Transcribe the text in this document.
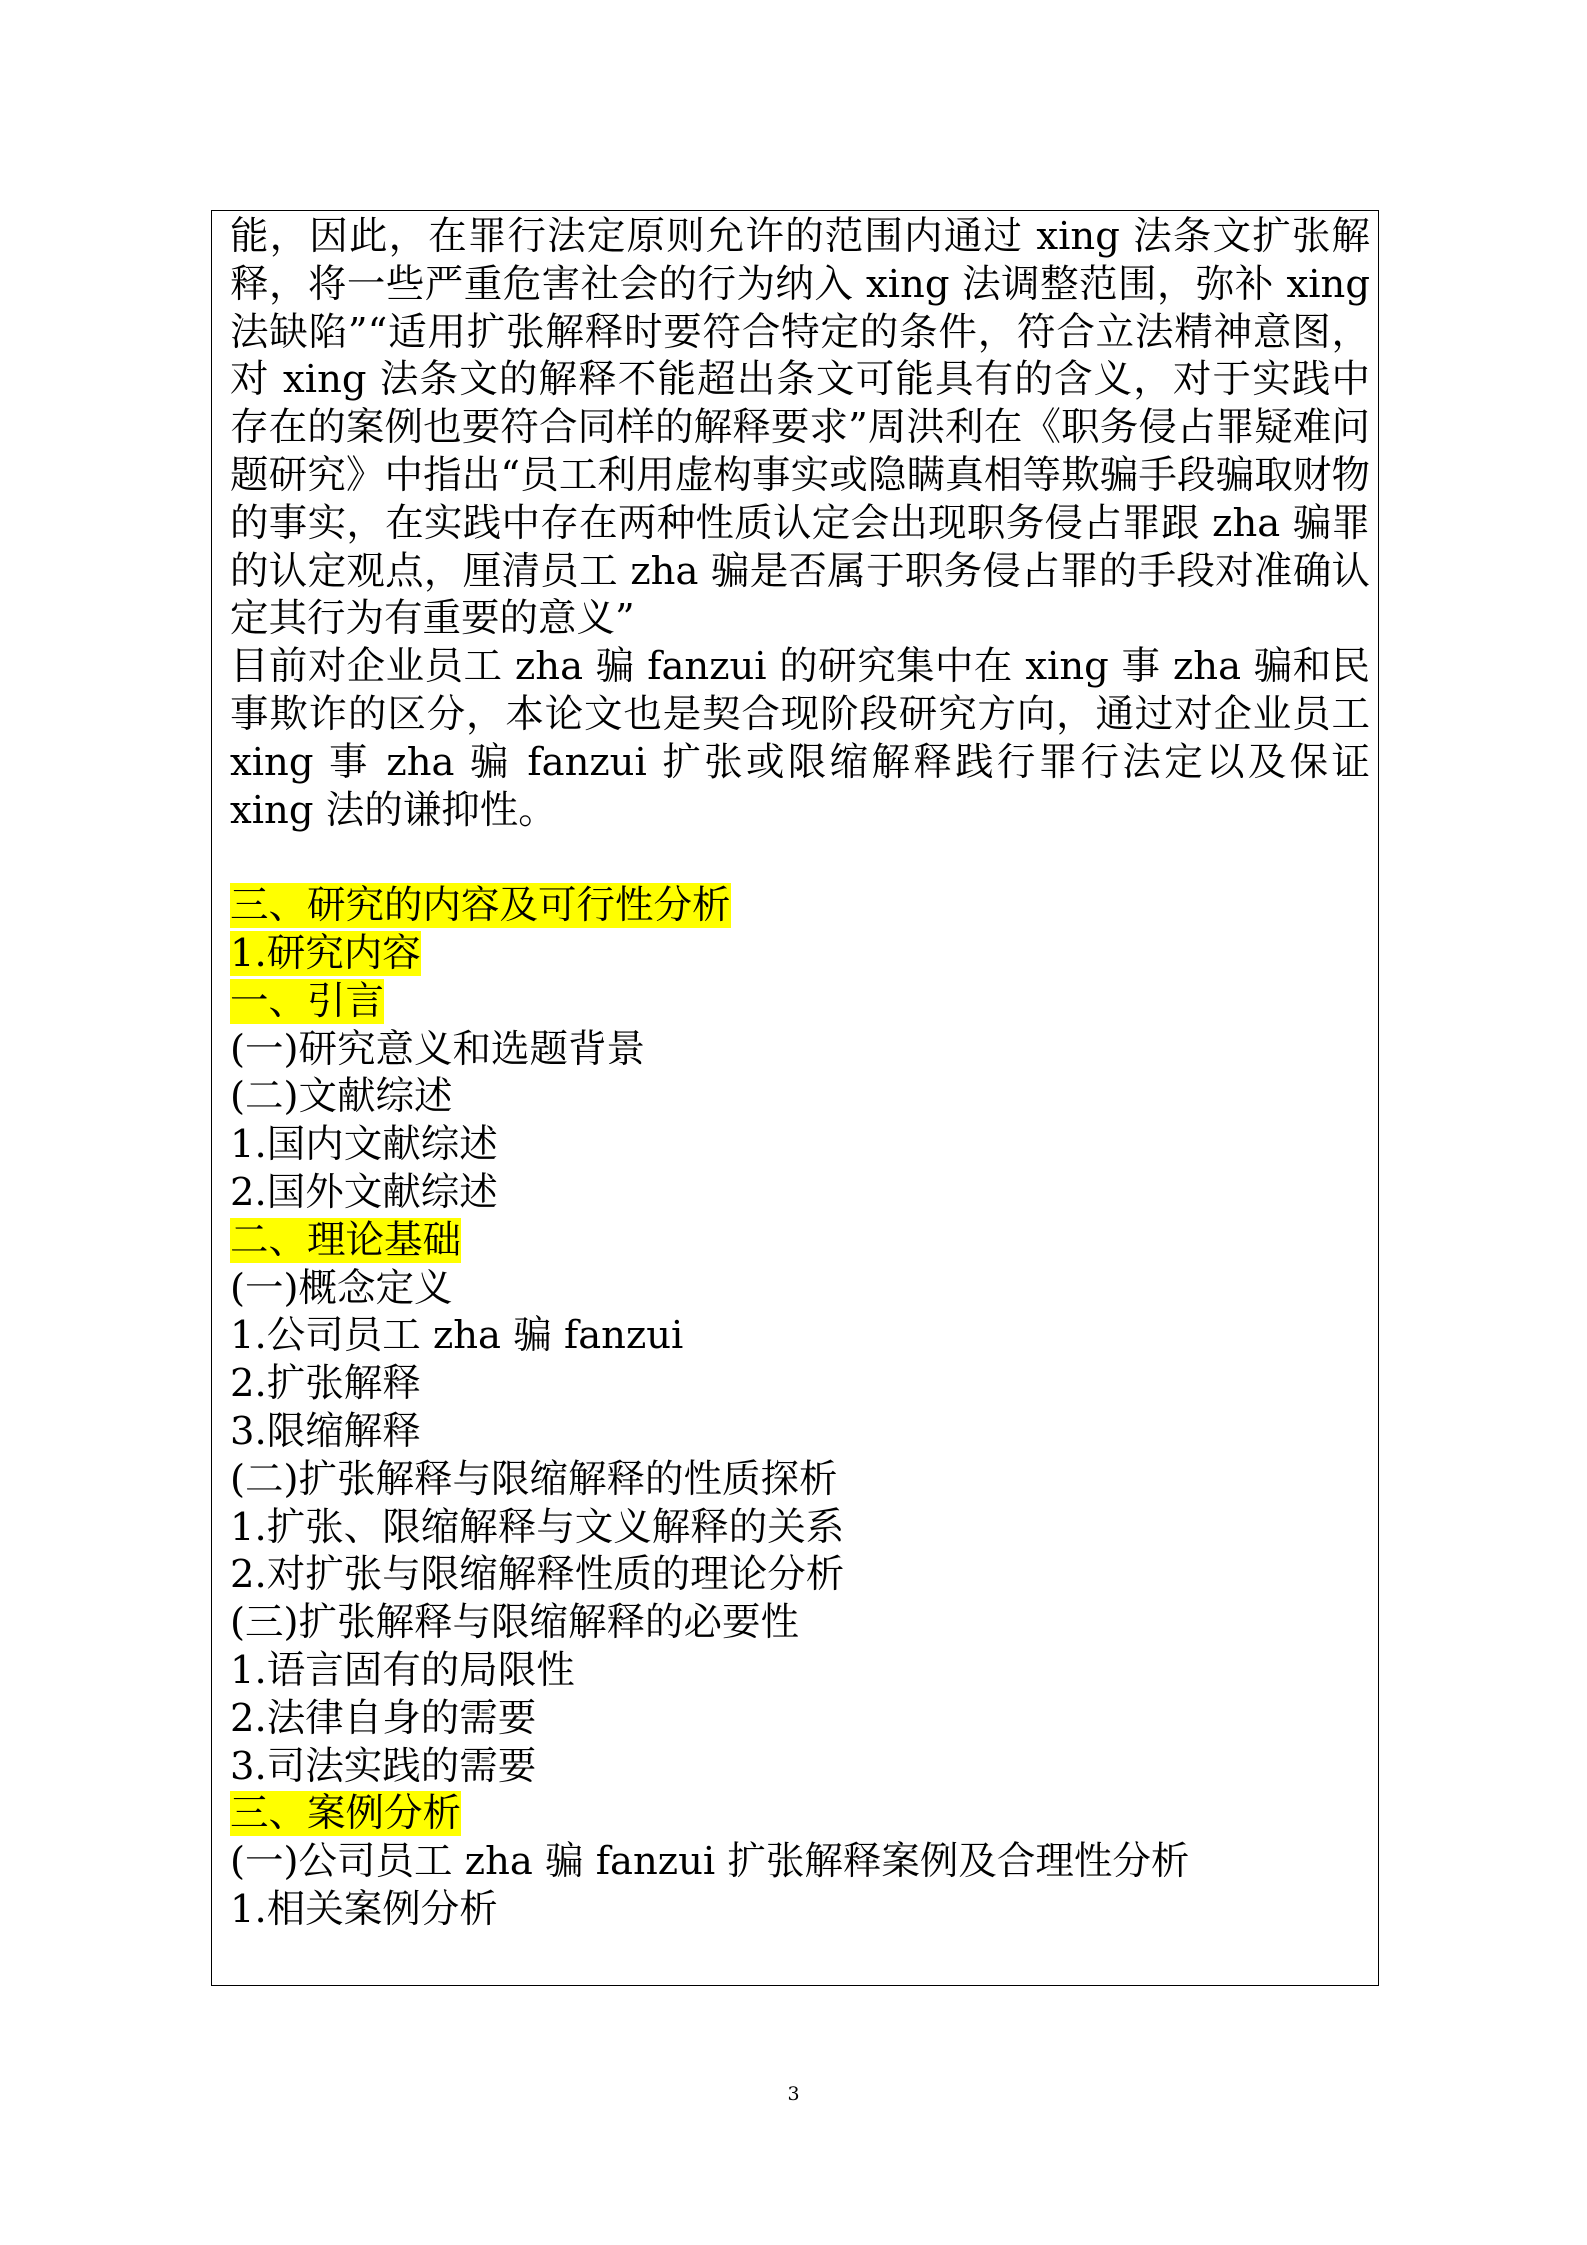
能，因此，在罪行法定原则允许的范围内通过 xing 法条文扩张解释，将一些严重危害社会的行为纳入 xing 法调整范围，弥补 xing 法缺陷”“适用扩张解释时要符合特定的条件，符合立法精神意图，对 xing 法条文的解释不能超出条文可能具有的含义，对于实践中存在的案例也要符合同样的解释要求”周洪利在《职务侵占罪疑难问题研究》中指出“员工利用虚构事实或隐瞒真相等欺骗手段骗取财物的事实，在实践中存在两种性质认定会出现职务侵占罪跟 zha 骗罪的认定观点，厘清员工 zha 骗是否属于职务侵占罪的手段对准确认定其行为有重要的意义”

目前对企业员工 zha 骗 fanzui 的研究集中在 xing 事 zha 骗和民事欺诈的区分，本论文也是契合现阶段研究方向，通过对企业员工 xing 事 zha 骗 fanzui 扩张或限缩解释践行罪行法定以及保证 xing 法的谦抑性。

三、研究的内容及可行性分析

1.研究内容

一、引言

(一)研究意义和选题背景

(二)文献综述

1.国内文献综述

2.国外文献综述

二、理论基础

(一)概念定义

1.公司员工 zha 骗 fanzui

2.扩张解释

3.限缩解释

(二)扩张解释与限缩解释的性质探析

1.扩张、限缩解释与文义解释的关系

2.对扩张与限缩解释性质的理论分析

(三)扩张解释与限缩解释的必要性

1.语言固有的局限性

2.法律自身的需要

3.司法实践的需要

三、案例分析

(一)公司员工 zha 骗 fanzui 扩张解释案例及合理性分析

1.相关案例分析

3
